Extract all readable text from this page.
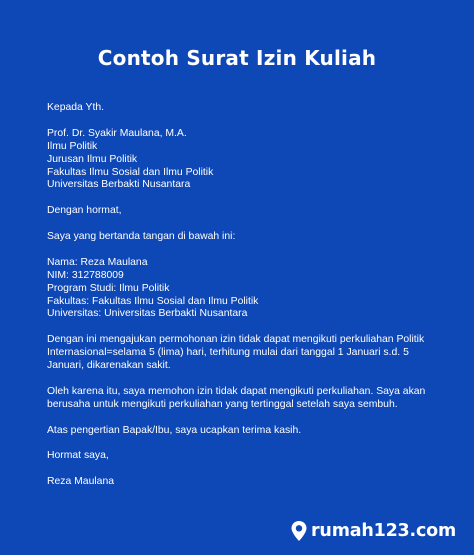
Contoh Surat Izin Kuliah
Kepada Yth.
Prof. Dr. Syakir Maulana, M.A.
Ilmu Politik
Jurusan Ilmu Politik
Fakultas Ilmu Sosial dan Ilmu Politik
Universitas Berbakti Nusantara
Dengan hormat,
Saya yang bertanda tangan di bawah ini:
Nama: Reza Maulana
NIM: 312788009
Program Studi: Ilmu Politik
Fakultas: Fakultas Ilmu Sosial dan Ilmu Politik
Universitas: Universitas Berbakti Nusantara
Dengan ini mengajukan permohonan izin tidak dapat mengikuti perkuliahan Politik
Internasional=selama 5 (lima) hari, terhitung mulai dari tanggal 1 Januari s.d. 5
Januari, dikarenakan sakit.
Oleh karena itu, saya memohon izin tidak dapat mengikuti perkuliahan. Saya akan
berusaha untuk mengikuti perkuliahan yang tertinggal setelah saya sembuh.
Atas pengertian Bapak/Ibu, saya ucapkan terima kasih.
Hormat saya,
Reza Maulana
rumah123.com
